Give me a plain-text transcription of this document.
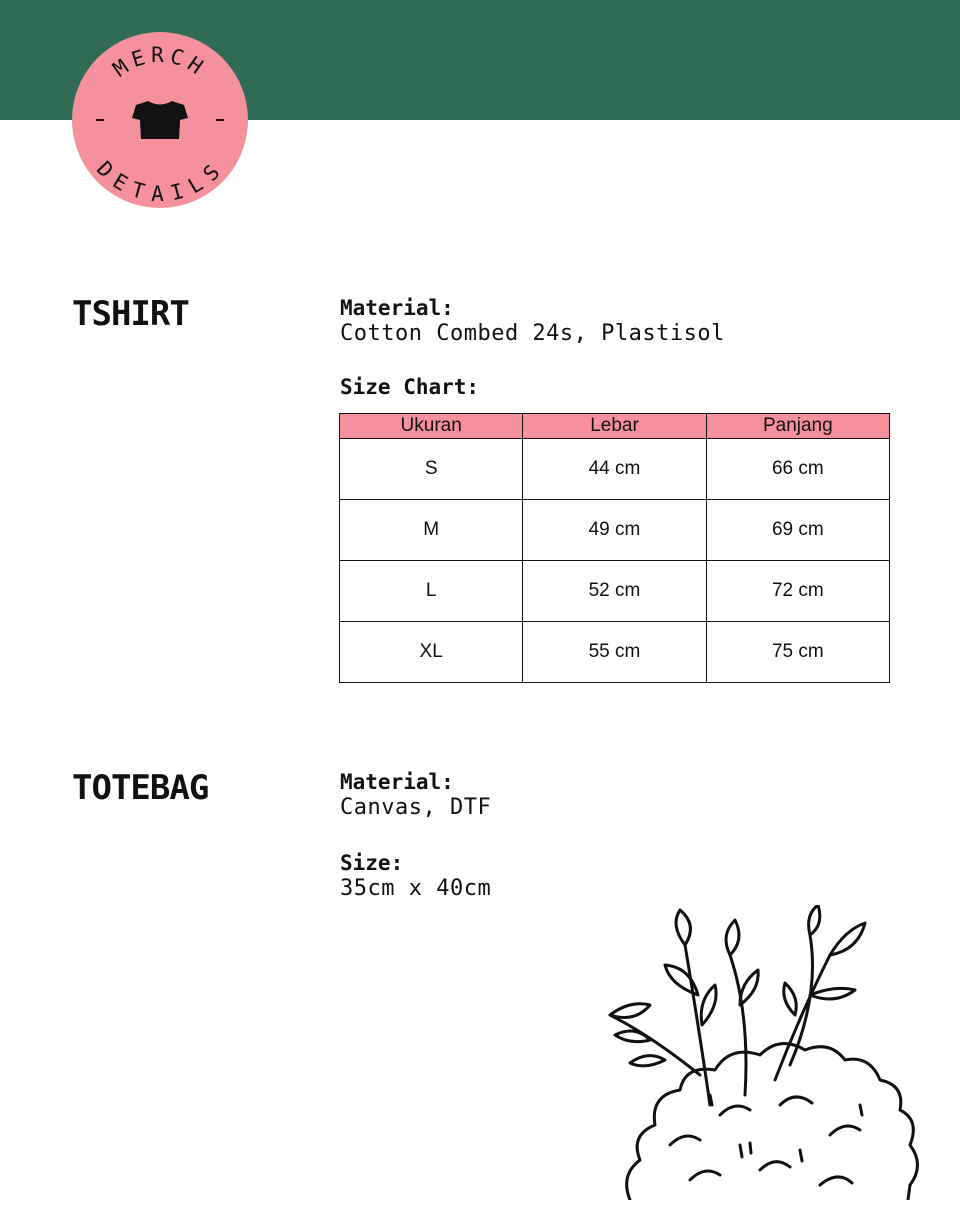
MERCH
DETAILS
TSHIRT	Material:
Cotton Combed 24s, Plastisol
Size Chart:
Ukuran	Lebar	Panjang
S	44 cm	66 cm
M	49 cm	69 cm
L	52 cm	72 cm
XL	55 cm	75 cm
TOTEBAG	Material:
Canvas, DTF
Size:
35cm x 40cm
